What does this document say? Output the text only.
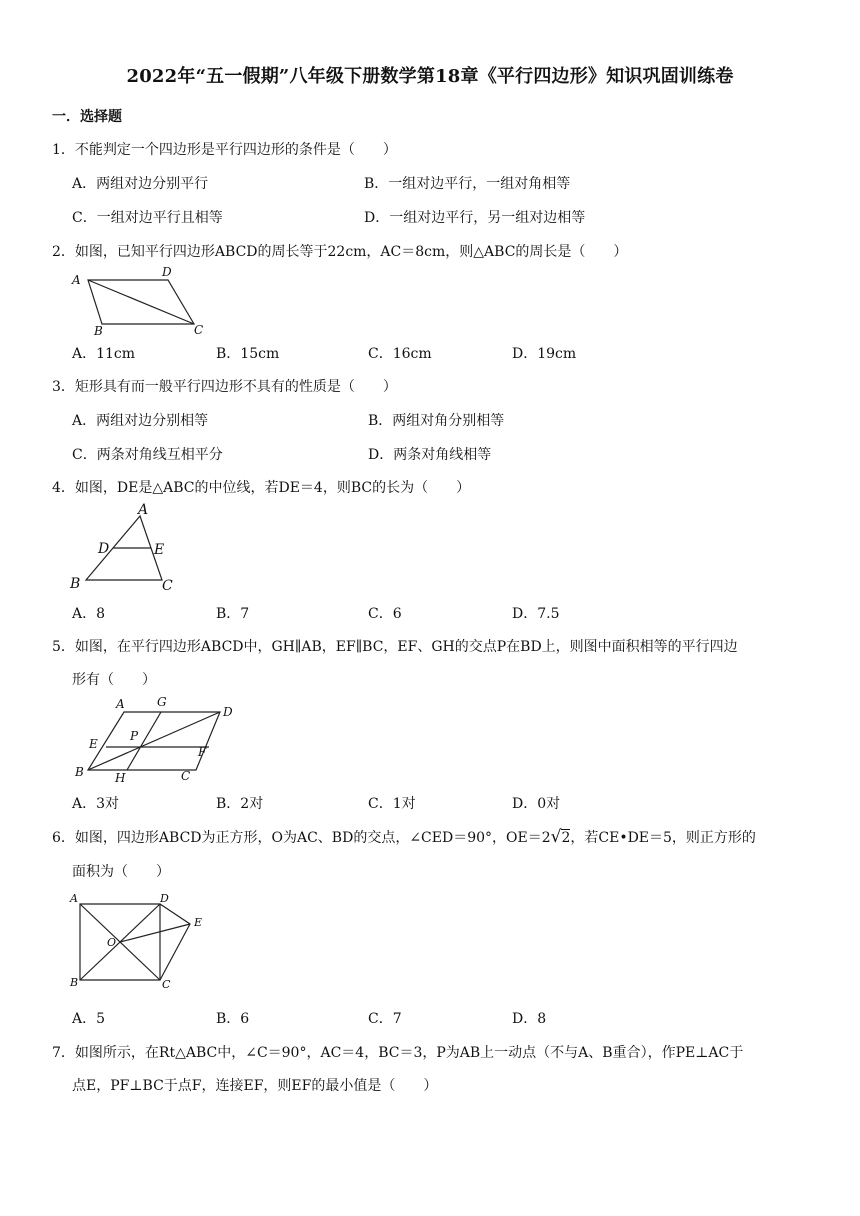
2022年“五一假期”八年级下册数学第18章《平行四边形》知识巩固训练卷
一．选择题
1．不能判定一个四边形是平行四边形的条件是（　　）
A．两组对边分别平行	B．一组对边平行，一组对角相等
C．一组对边平行且相等	D．一组对边平行，另一组对边相等
2．如图，已知平行四边形ABCD的周长等于22cm，AC＝8cm，则△ABC的周长是（　　）
A
D
B	C
A．11cm	B．15cm	C．16cm	D．19cm
3．矩形具有而一般平行四边形不具有的性质是（　　）
A．两组对边分别相等	B．两组对角分别相等
C．两条对角线互相平分	D．两条对角线相等
4．如图，DE是△ABC的中位线，若DE＝4，则BC的长为（　　）
A
D	E
B	C
A．8	B．7	C．6	D．7.5
5．如图，在平行四边形ABCD中，GH∥AB，EF∥BC，EF、GH的交点P在BD上，则图中面积相等的平行四边
形有（　　）
A	G
D
E
P
F
B	H	C
A．3对	B．2对	C．1对	D．0对
6．如图，四边形ABCD为正方形，O为AC、BD的交点，∠CED＝90°，OE＝2√2，若CE•DE＝5，则正方形的
面积为（　　）
A	D
E
O
B	C
A．5	B．6	C．7	D．8
7．如图所示，在Rt△ABC中，∠C＝90°，AC＝4，BC＝3，P为AB上一动点（不与A、B重合），作PE⊥AC于
点E，PF⊥BC于点F，连接EF，则EF的最小值是（　　）
